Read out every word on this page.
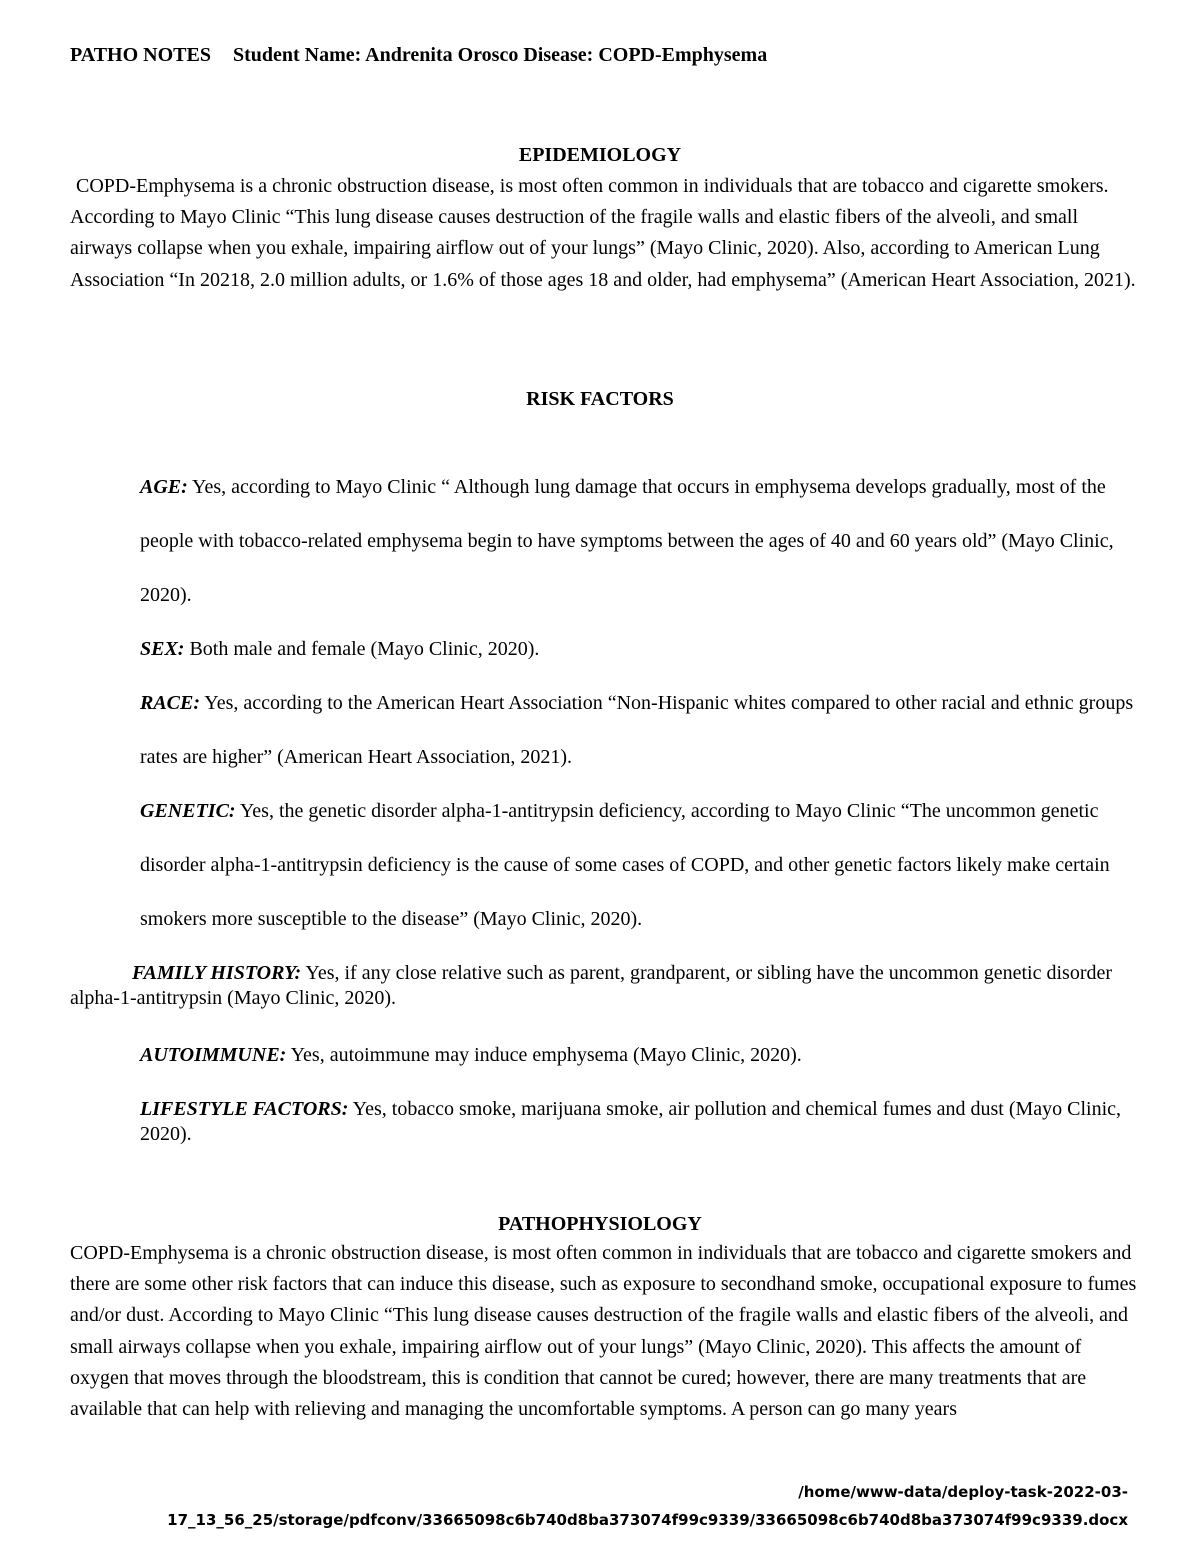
PATHO NOTES Student Name: Andrenita Orosco Disease: COPD-Emphysema
EPIDEMIOLOGY
COPD-Emphysema is a chronic obstruction disease, is most often common in individuals that are tobacco and cigarette smokers. According to Mayo Clinic “This lung disease causes destruction of the fragile walls and elastic fibers of the alveoli, and small airways collapse when you exhale, impairing airflow out of your lungs” (Mayo Clinic, 2020). Also, according to American Lung Association “In 20218, 2.0 million adults, or 1.6% of those ages 18 and older, had emphysema” (American Heart Association, 2021).
RISK FACTORS
AGE: Yes, according to Mayo Clinic “ Although lung damage that occurs in emphysema develops gradually, most of the people with tobacco-related emphysema begin to have symptoms between the ages of 40 and 60 years old” (Mayo Clinic, 2020).
SEX: Both male and female (Mayo Clinic, 2020).
RACE: Yes, according to the American Heart Association “Non-Hispanic whites compared to other racial and ethnic groups rates are higher” (American Heart Association, 2021).
GENETIC: Yes, the genetic disorder alpha-1-antitrypsin deficiency, according to Mayo Clinic “The uncommon genetic disorder alpha-1-antitrypsin deficiency is the cause of some cases of COPD, and other genetic factors likely make certain smokers more susceptible to the disease” (Mayo Clinic, 2020).
FAMILY HISTORY: Yes, if any close relative such as parent, grandparent, or sibling have the uncommon genetic disorder alpha-1-antitrypsin (Mayo Clinic, 2020).
AUTOIMMUNE: Yes, autoimmune may induce emphysema (Mayo Clinic, 2020).
LIFESTYLE FACTORS: Yes, tobacco smoke, marijuana smoke, air pollution and chemical fumes and dust (Mayo Clinic, 2020).
PATHOPHYSIOLOGY
COPD-Emphysema is a chronic obstruction disease, is most often common in individuals that are tobacco and cigarette smokers and there are some other risk factors that can induce this disease, such as exposure to secondhand smoke, occupational exposure to fumes and/or dust. According to Mayo Clinic “This lung disease causes destruction of the fragile walls and elastic fibers of the alveoli, and small airways collapse when you exhale, impairing airflow out of your lungs” (Mayo Clinic, 2020). This affects the amount of oxygen that moves through the bloodstream, this is condition that cannot be cured; however, there are many treatments that are available that can help with relieving and managing the uncomfortable symptoms. A person can go many years
/home/www-data/deploy-task-2022-03-
17_13_56_25/storage/pdfconv/33665098c6b740d8ba373074f99c9339/33665098c6b740d8ba373074f99c9339.docx
